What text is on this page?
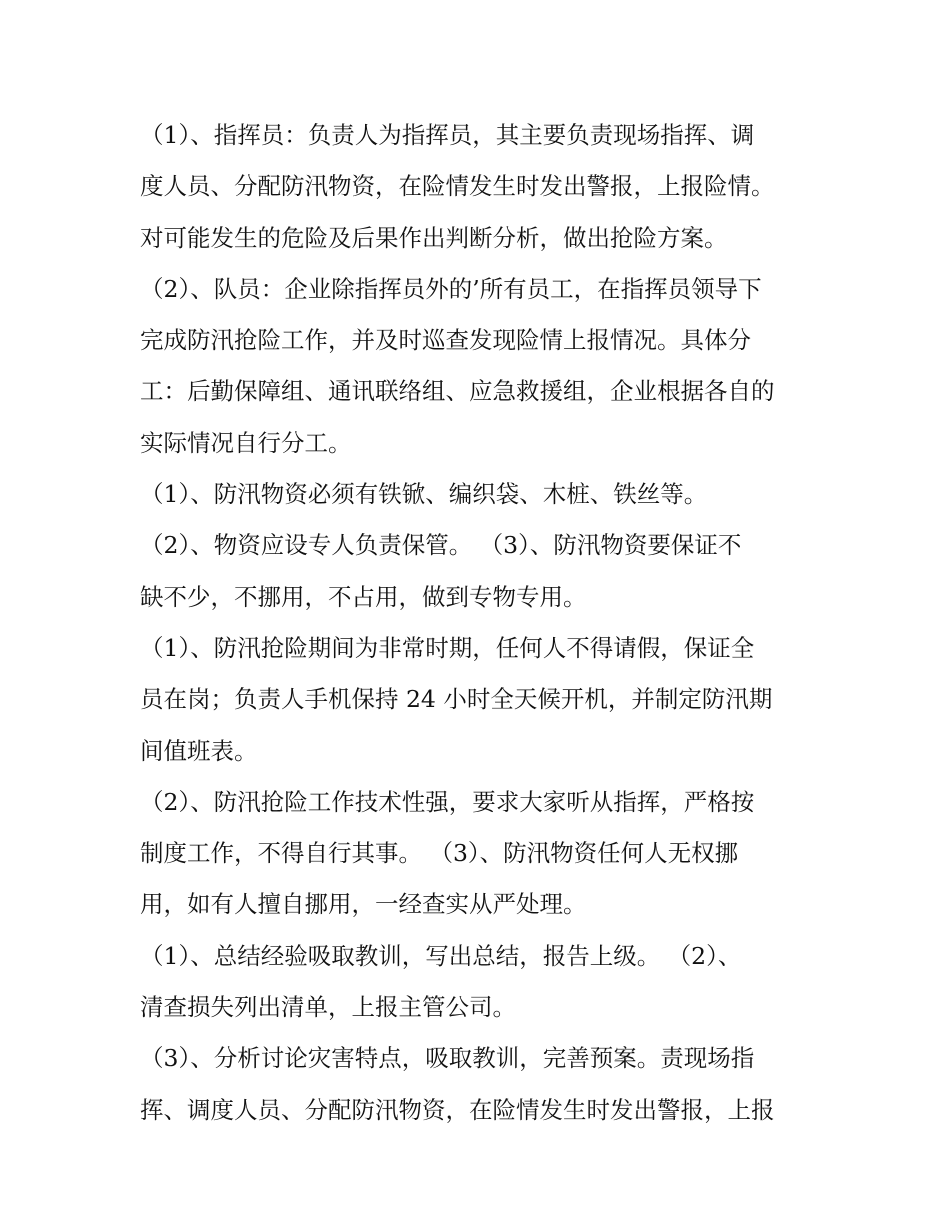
（1）、指挥员：负责人为指挥员，其主要负责现场指挥、调
度人员、分配防汛物资，在险情发生时发出警报，上报险情。
对可能发生的危险及后果作出判断分析，做出抢险方案。
（2）、队员：企业除指挥员外的’所有员工，在指挥员领导下
完成防汛抢险工作，并及时巡查发现险情上报情况。具体分
工：后勤保障组、通讯联络组、应急救援组，企业根据各自的
实际情况自行分工。
（1）、防汛物资必须有铁锨、编织袋、木桩、铁丝等。
（2）、物资应设专人负责保管。 （3）、防汛物资要保证不
缺不少，不挪用，不占用，做到专物专用。
（1）、防汛抢险期间为非常时期，任何人不得请假，保证全
员在岗；负责人手机保持 24 小时全天候开机，并制定防汛期
间值班表。
（2）、防汛抢险工作技术性强，要求大家听从指挥，严格按
制度工作，不得自行其事。 （3）、防汛物资任何人无权挪
用，如有人擅自挪用，一经查实从严处理。
（1）、总结经验吸取教训，写出总结，报告上级。 （2）、
清查损失列出清单，上报主管公司。
（3）、分析讨论灾害特点，吸取教训，完善预案。责现场指
挥、调度人员、分配防汛物资，在险情发生时发出警报，上报
